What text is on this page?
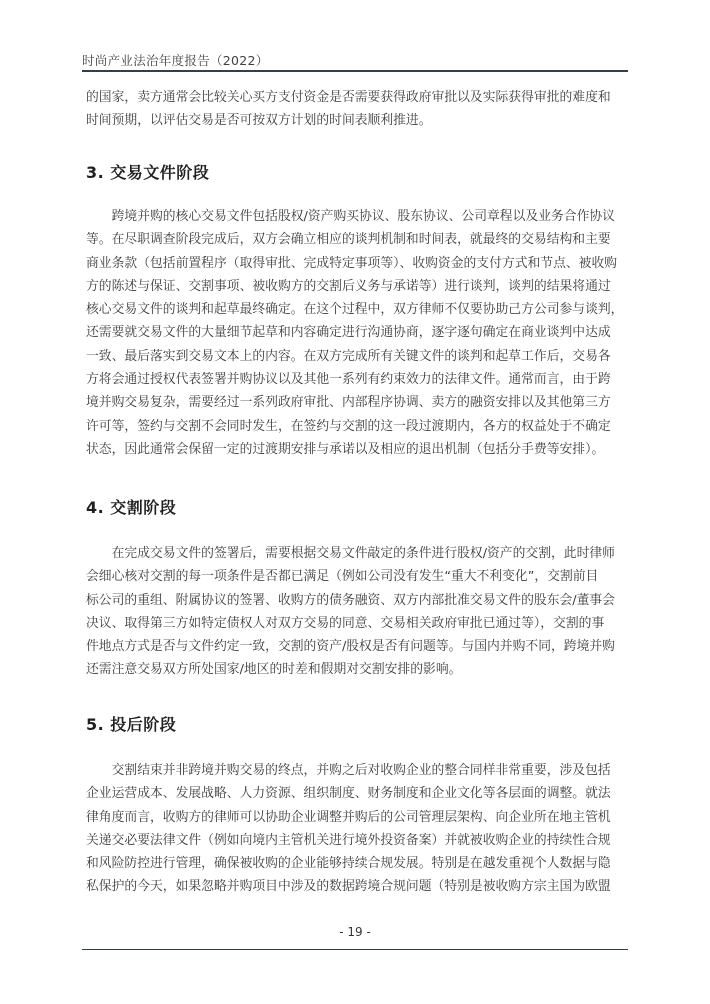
时尚产业法治年度报告（2022）
的国家，卖方通常会比较关心买方支付资金是否需要获得政府审批以及实际获得审批的难度和
时间预期，以评估交易是否可按双方计划的时间表顺利推进。
3. 交易文件阶段
　　跨境并购的核心交易文件包括股权/资产购买协议、股东协议、公司章程以及业务合作协议
等。在尽职调查阶段完成后，双方会确立相应的谈判机制和时间表，就最终的交易结构和主要
商业条款（包括前置程序（取得审批、完成特定事项等）、收购资金的支付方式和节点、被收购
方的陈述与保证、交割事项、被收购方的交割后义务与承诺等）进行谈判，谈判的结果将通过
核心交易文件的谈判和起草最终确定。在这个过程中，双方律师不仅要协助己方公司参与谈判，
还需要就交易文件的大量细节起草和内容确定进行沟通协商，逐字逐句确定在商业谈判中达成
一致、最后落实到交易文本上的内容。在双方完成所有关键文件的谈判和起草工作后，交易各
方将会通过授权代表签署并购协议以及其他一系列有约束效力的法律文件。通常而言，由于跨
境并购交易复杂，需要经过一系列政府审批、内部程序协调、卖方的融资安排以及其他第三方
许可等，签约与交割不会同时发生，在签约与交割的这一段过渡期内，各方的权益处于不确定
状态，因此通常会保留一定的过渡期安排与承诺以及相应的退出机制（包括分手费等安排）。
4. 交割阶段
　　在完成交易文件的签署后，需要根据交易文件敲定的条件进行股权/资产的交割，此时律师
会细心核对交割的每一项条件是否都已满足（例如公司没有发生“重大不利变化”，交割前目
标公司的重组、附属协议的签署、收购方的债务融资、双方内部批准交易文件的股东会/董事会
决议、取得第三方如特定债权人对双方交易的同意、交易相关政府审批已通过等），交割的事
件地点方式是否与文件约定一致，交割的资产/股权是否有问题等。与国内并购不同，跨境并购
还需注意交易双方所处国家/地区的时差和假期对交割安排的影响。
5. 投后阶段
　　交割结束并非跨境并购交易的终点，并购之后对收购企业的整合同样非常重要，涉及包括
企业运营成本、发展战略、人力资源、组织制度、财务制度和企业文化等各层面的调整。就法
律角度而言，收购方的律师可以协助企业调整并购后的公司管理层架构、向企业所在地主管机
关递交必要法律文件（例如向境内主管机关进行境外投资备案）并就被收购企业的持续性合规
和风险防控进行管理，确保被收购的企业能够持续合规发展。特别是在越发重视个人数据与隐
私保护的今天，如果忽略并购项目中涉及的数据跨境合规问题（特别是被收购方宗主国为欧盟
- 19 -
